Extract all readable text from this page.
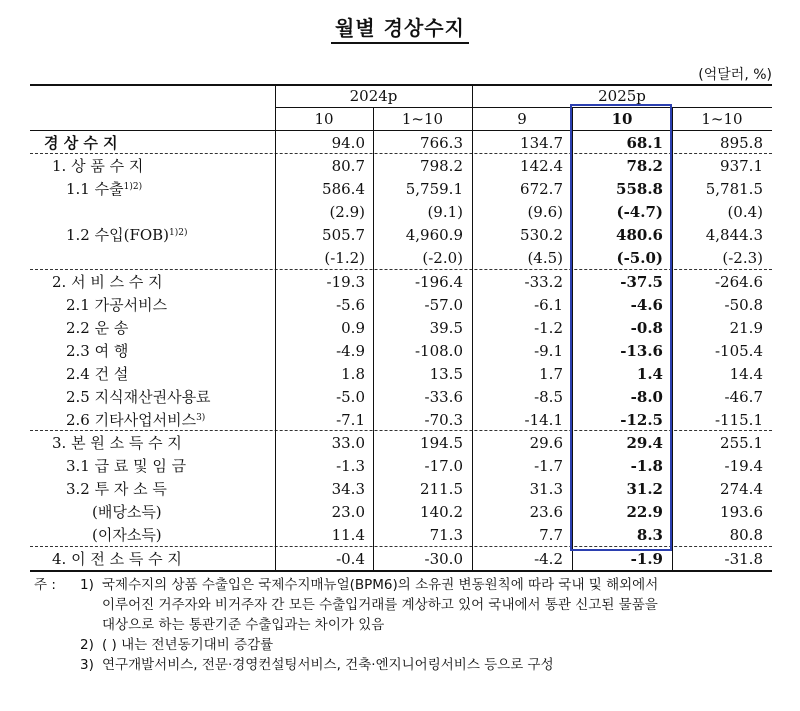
월별 경상수지
(억달러, %)
2024p	2025p
10	1~10	9	10	1~10
경 상 수 지	94.0	766.3	134.7	68.1	895.8
1. 상 품 수 지	80.7	798.2	142.4	78.2	937.1
1.1 수출$^{1)2)}$	586.4	5,759.1	672.7	558.8	5,781.5
(2.9)	(9.1)	(9.6)	(-4.7)	(0.4)
1.2 수입(FOB)$^{1)2)}$	505.7	4,960.9	530.2	480.6	4,844.3
(-1.2)	(-2.0)	(4.5)	(-5.0)	(-2.3)
2. 서 비 스 수 지	-19.3	-196.4	-33.2	-37.5	-264.6
2.1 가공서비스	-5.6	-57.0	-6.1	-4.6	-50.8
2.2 운 송	0.9	39.5	-1.2	-0.8	21.9
2.3 여 행	-4.9	-108.0	-9.1	-13.6	-105.4
2.4 건 설	1.8	13.5	1.7	1.4	14.4
2.5 지식재산권사용료	-5.0	-33.6	-8.5	-8.0	-46.7
2.6 기타사업서비스$^{3)}$	-7.1	-70.3	-14.1	-12.5	-115.1
3. 본 원 소 득 수 지	33.0	194.5	29.6	29.4	255.1
3.1 급 료 및 임 금	-1.3	-17.0	-1.7	-1.8	-19.4
3.2 투 자 소 득	34.3	211.5	31.3	31.2	274.4
(배당소득)	23.0	140.2	23.6	22.9	193.6
(이자소득)	11.4	71.3	7.7	8.3	80.8
4. 이 전 소 득 수 지	-0.4	-30.0	-4.2	-1.9	-31.8
주 : 1) 국제수지의 상품 수출입은 국제수지매뉴얼(BPM6)의 소유권 변동원칙에 따라 국내 및 해외에서
이루어진 거주자와 비거주자 간 모든 수출입거래를 계상하고 있어 국내에서 통관 신고된 물품을
대상으로 하는 통관기준 수출입과는 차이가 있음
2) ( ) 내는 전년동기대비 증감률
3) 연구개발서비스, 전문·경영컨설팅서비스, 건축·엔지니어링서비스 등으로 구성
